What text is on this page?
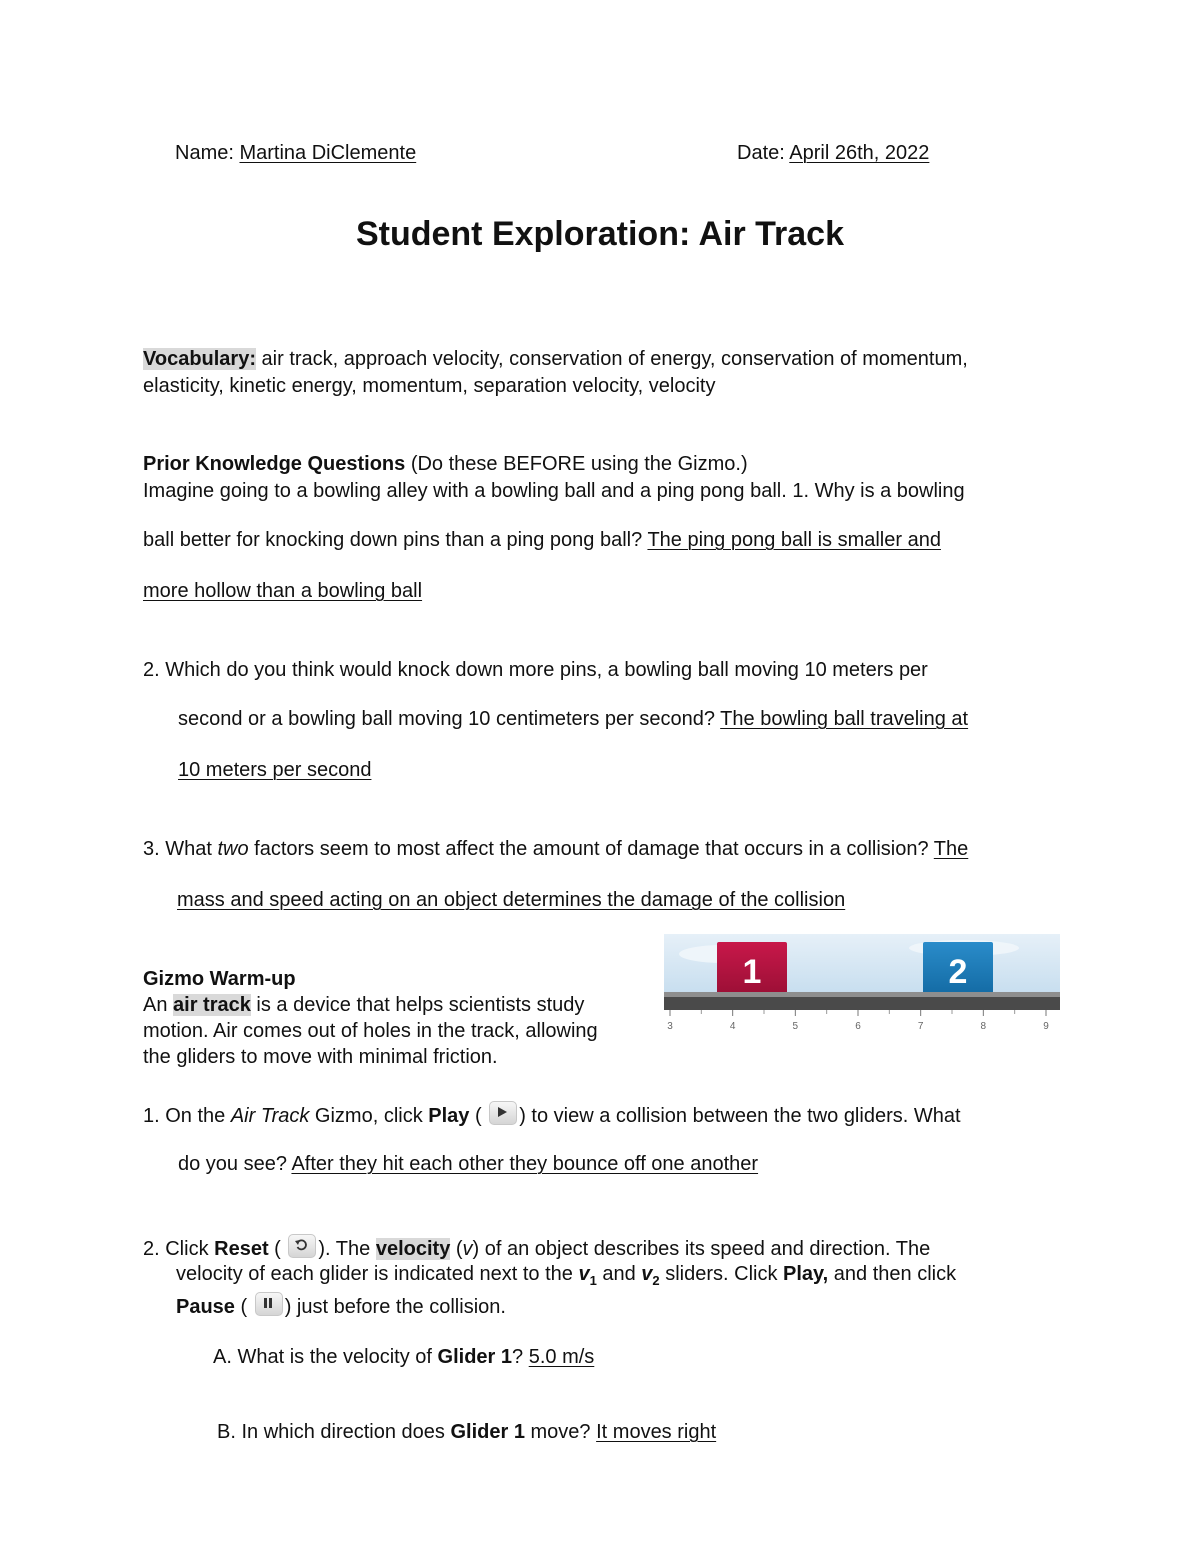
Name: Martina DiClemente	Date: April 26th, 2022
Student Exploration: Air Track
Vocabulary: air track, approach velocity, conservation of energy, conservation of momentum,
elasticity, kinetic energy, momentum, separation velocity, velocity
Prior Knowledge Questions (Do these BEFORE using the Gizmo.)
Imagine going to a bowling alley with a bowling ball and a ping pong ball. 1. Why is a bowling
ball better for knocking down pins than a ping pong ball? The ping pong ball is smaller and
more hollow than a bowling ball
2. Which do you think would knock down more pins, a bowling ball moving 10 meters per
second or a bowling ball moving 10 centimeters per second? The bowling ball traveling at
10 meters per second
3. What two factors seem to most affect the amount of damage that occurs in a collision? The
mass and speed acting on an object determines the damage of the collision
1	2
3	4	5	6	7	8	9
Gizmo Warm-up
An air track is a device that helps scientists study
motion. Air comes out of holes in the track, allowing
the gliders to move with minimal friction.
1. On the Air Track Gizmo, click Play ( ) to view a collision between the two gliders. What
do you see? After they hit each other they bounce off one another
2. Click Reset ( ). The velocity (v) of an object describes its speed and direction. The
velocity of each glider is indicated next to the $v_1$ and $v_2$ sliders. Click Play, and then click
Pause ( ) just before the collision.
A. What is the velocity of Glider 1? 5.0 m/s
B. In which direction does Glider 1 move? It moves right
